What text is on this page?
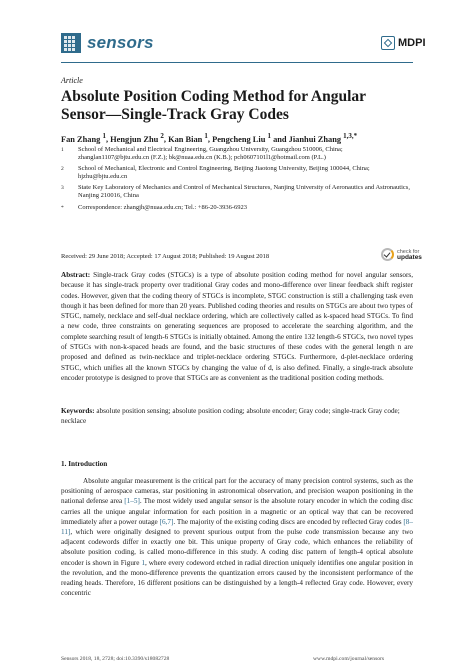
sensors	MDPI
Article
Absolute Position Coding Method for Angular Sensor—Single-Track Gray Codes
Fan Zhang $^1$, Hengjun Zhu $^2$, Kan Bian $^1$, Pengcheng Liu $^1$ and Jianhui Zhang $^{1,3,*}$
1 School of Mechanical and Electrical Engineering, Guangzhou University, Guangzhou 510006, China; zhanglan1107@bjtu.edu.cn (F.Z.); bk@nuaa.edu.cn (K.B.); pch0607101l1@hotmail.com (P.L.)
2 School of Mechanical, Electronic and Control Engineering, Beijing Jiaotong University, Beijing 100044, China; hjzhu@bjtu.edu.cn
3 State Key Laboratory of Mechanics and Control of Mechanical Structures, Nanjing University of Aeronautics and Astronautics, Nanjing 210016, China
* Correspondence: zhangjh@nuaa.edu.cn; Tel.: +86-20-3936-6923
Received: 29 June 2018; Accepted: 17 August 2018; Published: 19 August 2018
check for
updates
Abstract: Single-track Gray codes (STGCs) is a type of absolute position coding method for novel angular sensors, because it has single-track property over traditional Gray codes and mono-difference over linear feedback shift register codes. However, given that the coding theory of STGCs is incomplete, STGC construction is still a challenging task even though it has been defined for more than 20 years. Published coding theories and results on STGCs are about two types of STGC, namely, necklace and self-dual necklace ordering, which are collectively called as k-spaced head STGCs. To find a new code, three constraints on generating sequences are proposed to accelerate the searching algorithm, and the complete searching result of length-6 STGCs is initially obtained. Among the entire 132 length-6 STGCs, two novel types of STGCs with non-k-spaced heads are found, and the basic structures of these codes with the general length n are proposed and defined as twin-necklace and triplet-necklace ordering STGCs. Furthermore, d-plet-necklace ordering STGC, which unifies all the known STGCs by changing the value of d, is also defined. Finally, a single-track absolute encoder prototype is designed to prove that STGCs are as convenient as the traditional position coding methods.
Keywords: absolute position sensing; absolute position coding; absolute encoder; Gray code; single-track Gray code; necklace
1. Introduction

Absolute angular measurement is the critical part for the accuracy of many precision control systems, such as the positioning of aerospace cameras, star positioning in astronomical observation, and precision weapon positioning in the national defense area [1–5]. The most widely used angular sensor is the absolute rotary encoder in which the coding disc carries all the unique angular information for each position in a magnetic or an optical way that can be recovered immediately after a power outage [6,7]. The majority of the existing coding discs are encoded by reflected Gray codes [8–11], which were originally designed to prevent spurious output from the pulse code transmission because any two adjacent codewords differ in exactly one bit. This unique property of Gray code, which enhances the reliability of absolute position coding, is called mono-difference in this study. A coding disc pattern of length-4 optical absolute encoder is shown in Figure 1, where every codeword etched in radial direction uniquely identifies one angular position in the revolution, and the mono-difference prevents the quantization errors caused by the inconsistent performance of the reading heads. Therefore, 16 different positions can be distinguished by a length-4 reflected Gray code. However, every concentric

Sensors 2018, 18, 2728; doi:10.3390/s18082728	www.mdpi.com/journal/sensors
